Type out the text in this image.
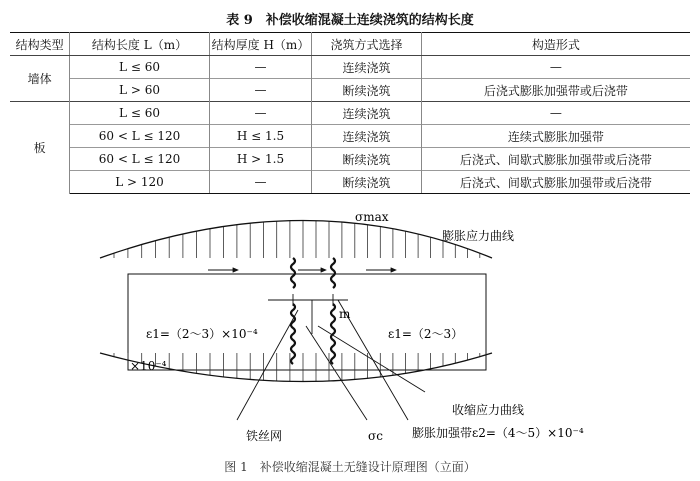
表 9　补偿收缩混凝土连续浇筑的结构长度
结构类型	结构长度 L（m）	结构厚度 H（m）	浇筑方式选择	构造形式
墙体	L ≤ 60	—	连续浇筑	—
	L > 60	—	断续浇筑	后浇式膨胀加强带或后浇带
板	L ≤ 60	—	连续浇筑	—
	60 < L ≤ 120	H ≤ 1.5	连续浇筑	连续式膨胀加强带
	60 < L ≤ 120	H > 1.5	断续浇筑	后浇式、间歇式膨胀加强带或后浇带
	L > 120	—	断续浇筑	后浇式、间歇式膨胀加强带或后浇带
σmax
膨胀应力曲线
m
ε1=（2～3）×10⁻⁴	ε1=（2～3）
×10⁻⁴
收缩应力曲线
铁丝网	σc 膨胀加强带ε2=（4～5）×10⁻⁴
图 1　补偿收缩混凝土无缝设计原理图（立面）
